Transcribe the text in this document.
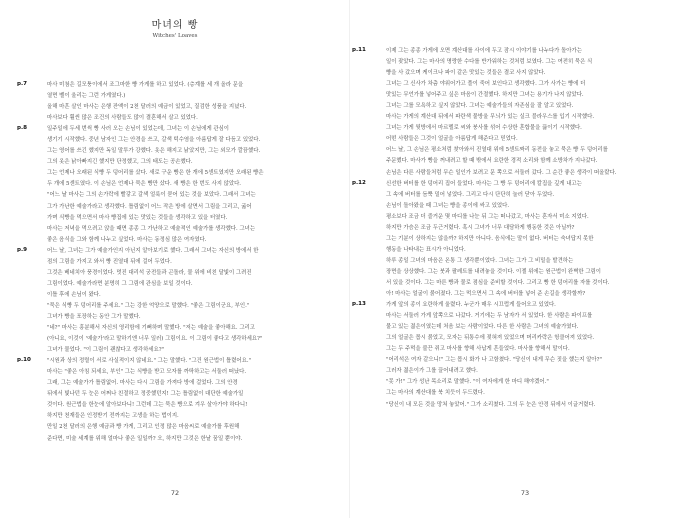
마녀의 빵
Witches' Loaves

마사 미첨은 길모퉁이에서 조그마한 빵 가게를 하고 있었다. (층계를 세 개 올라 문을

열면 벨이 울리는 그런 가게였다.)

올해 마흔 살인 마사는 은행 잔액이 2천 달러의 예금이 있었고, 질검한 성품을 지녔다.

마사보다 훨씬 많은 조건의 사람들도 많이 결혼해서 살고 있었다.

일주일에 두세 번씩 빵 사러 오는 손님이 있었는데, 그녀는 이 손님에게 관심이

생기기 시작했다. 중년 남자인 그는 안경을 쓰고, 갈색 턱수염을 아름답게 잘 다듬고 있었다.

그는 영어를 쓰긴 했지만 독일 말투가 강했다. 옷은 해지고 낡았지만, 그는 외모가 깔끔했다.

그의 옷은 낡아빠지긴 했지만 단정했고, 그의 태도는 공손했다.

그는 언제나 오래된 식빵 두 덩어리를 샀다. 새로 구운 빵은 한 개에 5센트였지만 오래된 빵은

두 개에 5센트였다. 이 손님은 언제나 묵은 빵만 샀다. 새 빵은 한 번도 사지 않았다.

"어느 날 마사는 그의 손가락에 빨갛고 갈색 얼룩이 묻어 있는 것을 보았다. 그래서 그녀는

그가 가난한 예술가라고 생각했다. 틀림없이 어느 작은 방에 살면서 그림을 그리고, 굶어

가며 식빵을 먹으면서 마사 빵집에 있는 맛있는 것들을 생각하고 있을 터였다.

마사는 저녁을 먹으려고 앉을 때면 종종 그 가난하고 예술적인 예술가를 생각했다. 그녀는

좋은 음식을 그와 함께 나누고 싶었다. 마사는 동정심 많은 여자였다.

어느 날, 그녀는 그가 예술가인지 아닌지 알아보기로 했다. 그래서 그녀는 자신의 방에서 한

점의 그림을 가지고 와서 빵 진열대 뒤에 걸어 두었다.

그것은 베네치아 풍경이었다. 멋진 대리석 궁전들과 곤돌라, 물 위에 비친 달빛이 그려진

그림이었다. 예술가라면 분명히 그 그림에 관심을 보일 것이다.

이틀 후에 손님이 왔다.

"묵은 식빵 두 덩어리를 주세요." 그는 강한 억양으로 말했다. "좋은 그림이군요, 부인."

그녀가 빵을 포장하는 동안 그가 말했다.

"네?" 마사는 흥분해서 자신의 영리함에 기뻐하며 말했다. "저는 예술을 좋아해요. 그리고

(아니요, 이것이 '예술가'라고 말하기엔 너무 일러) 그림이요. 이 그림이 좋다고 생각하세요?"

그녀가 물었다. "이 그림이 괜찮다고 생각하세요?"

"시원과 상의 정렬이 서로 사실적이지 않네요." 그는 말했다. "그건 원근법이 틀렸어요."

마사는 "좋은 아침 되세요, 부인" 그는 식빵을 받고 모자를 까딱하고는 서둘러 떠났다.

그래, 그는 예술가가 틀림없어. 마사는 다시 그림을 가져다 방에 걸었다. 그의 안경

뒤에서 빛나던 두 눈은 어쩌나 친절하고 정중했던지! 그는 틀림없이 대단한 예술가일

것이다. 원근법을 한눈에 알아보다니! 그런데 그는 묵은 빵으로 겨우 살아가야 하다니!

하지만 천재들은 인정받기 전까지는 고생을 하는 법이지.

만일 2천 달러의 은행 예금과 빵 가게, 그리고 인정 많은 마음씨로 예술가를 후원해

준다면, 미술 세계를 위해 얼마나 좋은 일일까? 오, 하지만 그것은 한낱 꿈일 뿐이야.

p.7
p.8
p.9
p.10
72

이제 그는 종종 가게에 오면 계산대를 사이에 두고 잠시 이야기를 나누다가 돌아가는

일이 잦았다. 그는 마사의 명랑한 수다를 반가워하는 것처럼 보였다. 그는 여전히 묵은 식

빵을 사 갔으며 케이크나 파이 같은 맛있는 것들은 결코 사지 않았다.

그녀는 그 신사가 차츰 야위어가고 풀이 죽어 보인다고 생각했다. 그가 사가는 빵에 더

맛있는 무언가를 넣어주고 싶은 마음이 간절했다. 하지만 그녀는 용기가 나지 않았다.

그녀는 그를 모욕하고 싶지 않았다. 그녀는 예술가들의 자존심을 잘 알고 있었다.

마사는 가게의 계산대 뒤에서 파란색 물방울 무늬가 있는 실크 블라우스를 입기 시작했다.

그녀는 가게 뒷방에서 마르멜로 씨와 붕사를 섞어 수상한 혼합물을 끓이기 시작했다.

어떤 사람들은 그것이 얼굴을 아름답게 해준다고 믿었다.

어느 날, 그 손님은 평소처럼 찾아와서 진열대 위에 5센트짜리 동전을 놓고 묵은 빵 두 덩어리를

주문했다. 마사가 빵을 꺼내려고 할 때 밖에서 요란한 경적 소리와 함께 소방차가 지나갔다.

손님은 다른 사람들처럼 무슨 일인가 보려고 문 쪽으로 서둘러 갔다. 그 순간 좋은 생각이 떠올랐다.

신선한 버터를 한 덩어리 집어 들었다. 마사는 그 빵 두 덩어리에 칼집을 깊게 내고는

그 속에 버터를 듬뿍 밀어 넣었다. 그리고 다시 단단히 눌러 닫아 두었다.

손님이 돌아왔을 때 그녀는 빵을 종이에 싸고 있었다.

평소보다 조금 더 즐거운 몇 마디를 나눈 뒤 그는 떠나갔고, 마사는 혼자서 미소 지었다.

하지만 가슴은 조금 두근거렸다. 혹시 그녀가 너무 대담하게 행동한 것은 아닐까?

그는 기분이 상하지는 않을까? 하지만 아니다. 음식에는 말이 없다. 버터는 숙녀답지 못한

행동을 나타내는 표시가 아니었다.

하루 종일 그녀의 마음은 온통 그 생각뿐이었다. 그녀는 그가 그 비밀을 발견하는

장면을 상상했다. 그는 붓과 팔레트를 내려놓을 것이다. 이젤 위에는 원근법이 완벽한 그림이

서 있을 것이다. 그는 마른 빵과 물로 점심을 준비할 것이다. 그리고 빵 한 덩어리를 자를 것이다.

아! 마사는 얼굴이 붉어졌다. 그는 먹으면서 그 속에 버터를 넣어 준 손길을 생각할까?

가게 앞의 종이 요란하게 울렸다. 누군가 매우 시끄럽게 들어오고 있었다.

마사는 서둘러 가게 앞쪽으로 나갔다. 거기에는 두 남자가 서 있었다. 한 사람은 파이프를

물고 있는 젊은이였는데 처음 보는 사람이었다. 다른 한 사람은 그녀의 예술가였다.

그의 얼굴은 몹시 붉었고, 모자는 뒤통수에 젖혀져 있었으며 머리카락은 헝클어져 있었다.

그는 두 주먹을 불끈 쥐고 마사를 향해 사납게 흔들었다. 마사를 향해서 말이다.

"어리석은 여자 같으니!" 그는 몹시 화가 나 고함쳤다. "당신이 내게 무슨 짓을 했는지 알아?"

그러자 젊은이가 그를 끌어내려고 했다.

"못 가!" 그가 성난 목소리로 말했다. "이 여자에게 한 마디 해야겠어."

그는 마사의 계산대를 북 치듯이 두드렸다.

"당신이 내 모든 것을 망쳐 놓았어." 그가 소리쳤다. 그의 두 눈은 안경 뒤에서 이글거렸다.

p.11
p.12
p.13
73
